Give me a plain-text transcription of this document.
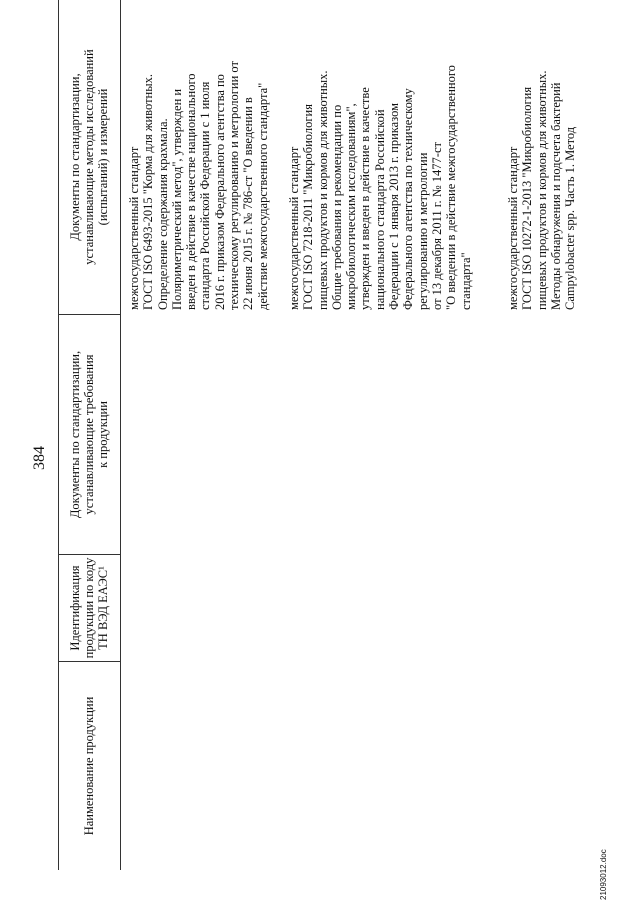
384
Наименование продукции
Идентификация
продукции по коду
ТН ВЭД ЕАЭС¹
Документы по стандартизации,
устанавливающие требования
к продукции
Документы по стандартизации,
устанавливающие методы исследований
(испытаний) и измерений
межгосударственный стандарт
ГОСТ ISO 6493-2015 "Корма для животных.
Определение содержания крахмала.
Поляриметрический метод", утвержден и
введен в действие в качестве национального
стандарта Российской Федерации с 1 июля
2016 г. приказом Федерального агентства по
техническому регулированию и метрологии от
22 июня 2015 г. № 786-ст "О введении в
действие межгосударственного стандарта"
межгосударственный стандарт
ГОСТ ISO 7218-2011 "Микробиология
пищевых продуктов и кормов для животных.
Общие требования и рекомендации по
микробиологическим исследованиям",
утвержден и введен в действие в качестве
национального стандарта Российской
Федерации с 1 января 2013 г. приказом
Федерального агентства по техническому
регулированию и метрологии
от 13 декабря 2011 г. № 1477-ст
"О введении в действие межгосударственного
стандарта"	межгосударственный стандарт
ГОСТ ISO 10272-1-2013 "Микробиология
пищевых продуктов и кормов для животных.
Методы обнаружения и подсчета бактерий
Campylobacter spp. Часть 1. Метод
21093012.doc
